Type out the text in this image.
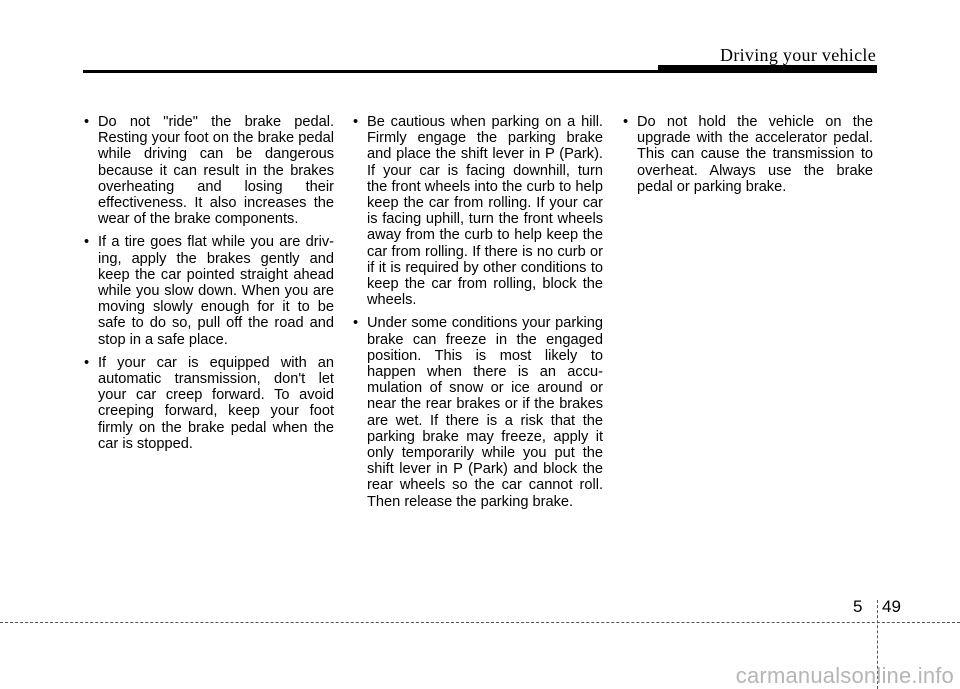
Driving your vehicle

• Do not "ride" the brake pedal. Resting your foot on the brake pedal while driving can be dangerous because it can result in the brakes overheating and losing their effectiveness. It also increases the wear of the brake components.

• If a tire goes flat while you are driving, apply the brakes gently and keep the car pointed straight ahead while you slow down. When you are moving slowly enough for it to be safe to do so, pull off the road and stop in a safe place.

• If your car is equipped with an automatic transmission, don't let your car creep forward. To avoid creeping forward, keep your foot firmly on the brake pedal when the car is stopped.

• Be cautious when parking on a hill. Firmly engage the parking brake and place the shift lever in P (Park). If your car is facing downhill, turn the front wheels into the curb to help keep the car from rolling. If your car is facing uphill, turn the front wheels away from the curb to help keep the car from rolling. If there is no curb or if it is required by other conditions to keep the car from rolling, block the wheels.

• Under some conditions your parking brake can freeze in the engaged position. This is most likely to happen when there is an accumulation of snow or ice around or near the rear brakes or if the brakes are wet. If there is a risk that the parking brake may freeze, apply it only temporarily while you put the shift lever in P (Park) and block the rear wheels so the car cannot roll. Then release the parking brake.

• Do not hold the vehicle on the upgrade with the accelerator pedal. This can cause the transmission to overheat. Always use the brake pedal or parking brake.

5 49
carmanualsonline.info
